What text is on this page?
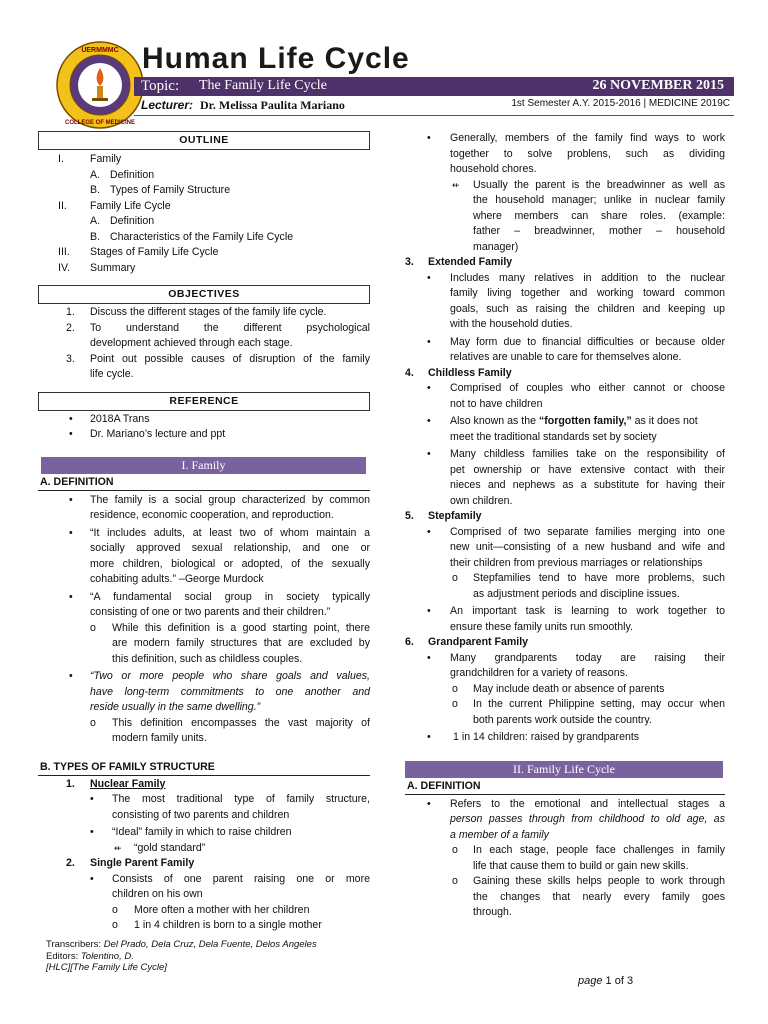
UERMMMC
COLLEGE OF MEDICINE
Human Life Cycle
Topic: The Family Life Cycle	26 NOVEMBER 2015
Lecturer: Dr. Melissa Paulita Mariano	1st Semester A.Y. 2015-2016 | MEDICINE 2019C
OUTLINE
I. Family
A. Definition
B. Types of Family Structure
II. Family Life Cycle
A. Definition
B. Characteristics of the Family Life Cycle
III. Stages of Family Life Cycle
IV. Summary
OBJECTIVES
1. Discuss the different stages of the family life cycle.
2. To understand the different psychological
development achieved through each stage.
3. Point out possible causes of disruption of the family
life cycle.
REFERENCE
• 2018A Trans
• Dr. Mariano’s lecture and ppt
I. Family
A. DEFINITION
• The family is a social group characterized by common
residence, economic cooperation, and reproduction.
• “It includes adults, at least two of whom maintain a
socially approved sexual relationship, and one or
more children, biological or adopted, of the sexually
cohabiting adults.” –George Murdock
• “A fundamental social group in society typically
consisting of one or two parents and their children.”
o While this definition is a good starting point, there
are modern family structures that are excluded by
this definition, such as childless couples.
• “Two or more people who share goals and values,
have long-term commitments to one another and
reside usually in the same dwelling.”
o This definition encompasses the vast majority of
modern family units.
B. TYPES OF FAMILY STRUCTURE
1. Nuclear Family
• The most traditional type of family structure,
consisting of two parents and children
• “Ideal” family in which to raise children
⇷ “gold standard”
2. Single Parent Family
• Consists of one parent raising one or more
children on his own
o More often a mother with her children
o 1 in 4 children is born to a single mother
• Generally, members of the family find ways to work
together to solve problens, such as dividing
household chores.
⇷ Usually the parent is the breadwinner as well as
the household manager; unlike in nuclear family
where members can share roles. (example:
father – breadwinner, mother – household
manager)
3. Extended Family
• Includes many relatives in addition to the nuclear
family living together and working toward common
goals, such as raising the children and keeping up
with the household duties.
• May form due to financial difficulties or because older
relatives are unable to care for themselves alone.
4. Childless Family
• Comprised of couples who either cannot or choose
not to have children
• Also known as the “forgotten family,” as it does not
meet the traditional standards set by society
• Many childless families take on the responsibility of
pet ownership or have extensive contact with their
nieces and nephews as a substitute for having their
own children.
5. Stepfamily
• Comprised of two separate families merging into one
new unit—consisting of a new husband and wife and
their children from previous marriages or relationships
o Stepfamilies tend to have more problems, such
as adjustment periods and discipline issues.
• An important task is learning to work together to
ensure these family units run smoothly.
6. Grandparent Family
• Many grandparents today are raising their
grandchildren for a variety of reasons.
o May include death or absence of parents
o In the current Philippine setting, may occur when
both parents work outside the country.
• 1 in 14 children: raised by grandparents
II. Family Life Cycle
A. DEFINITION
• Refers to the emotional and intellectual stages a
person passes through from childhood to old age, as
a member of a family
o In each stage, people face challenges in family
life that cause them to build or gain new skills.
o Gaining these skills helps people to work through
the changes that nearly every family goes
through.
Transcribers: Del Prado, Dela Cruz, Dela Fuente, Delos Angeles
Editors: Tolentino, D.
[HLC][The Family Life Cycle]
page 1 of 3
